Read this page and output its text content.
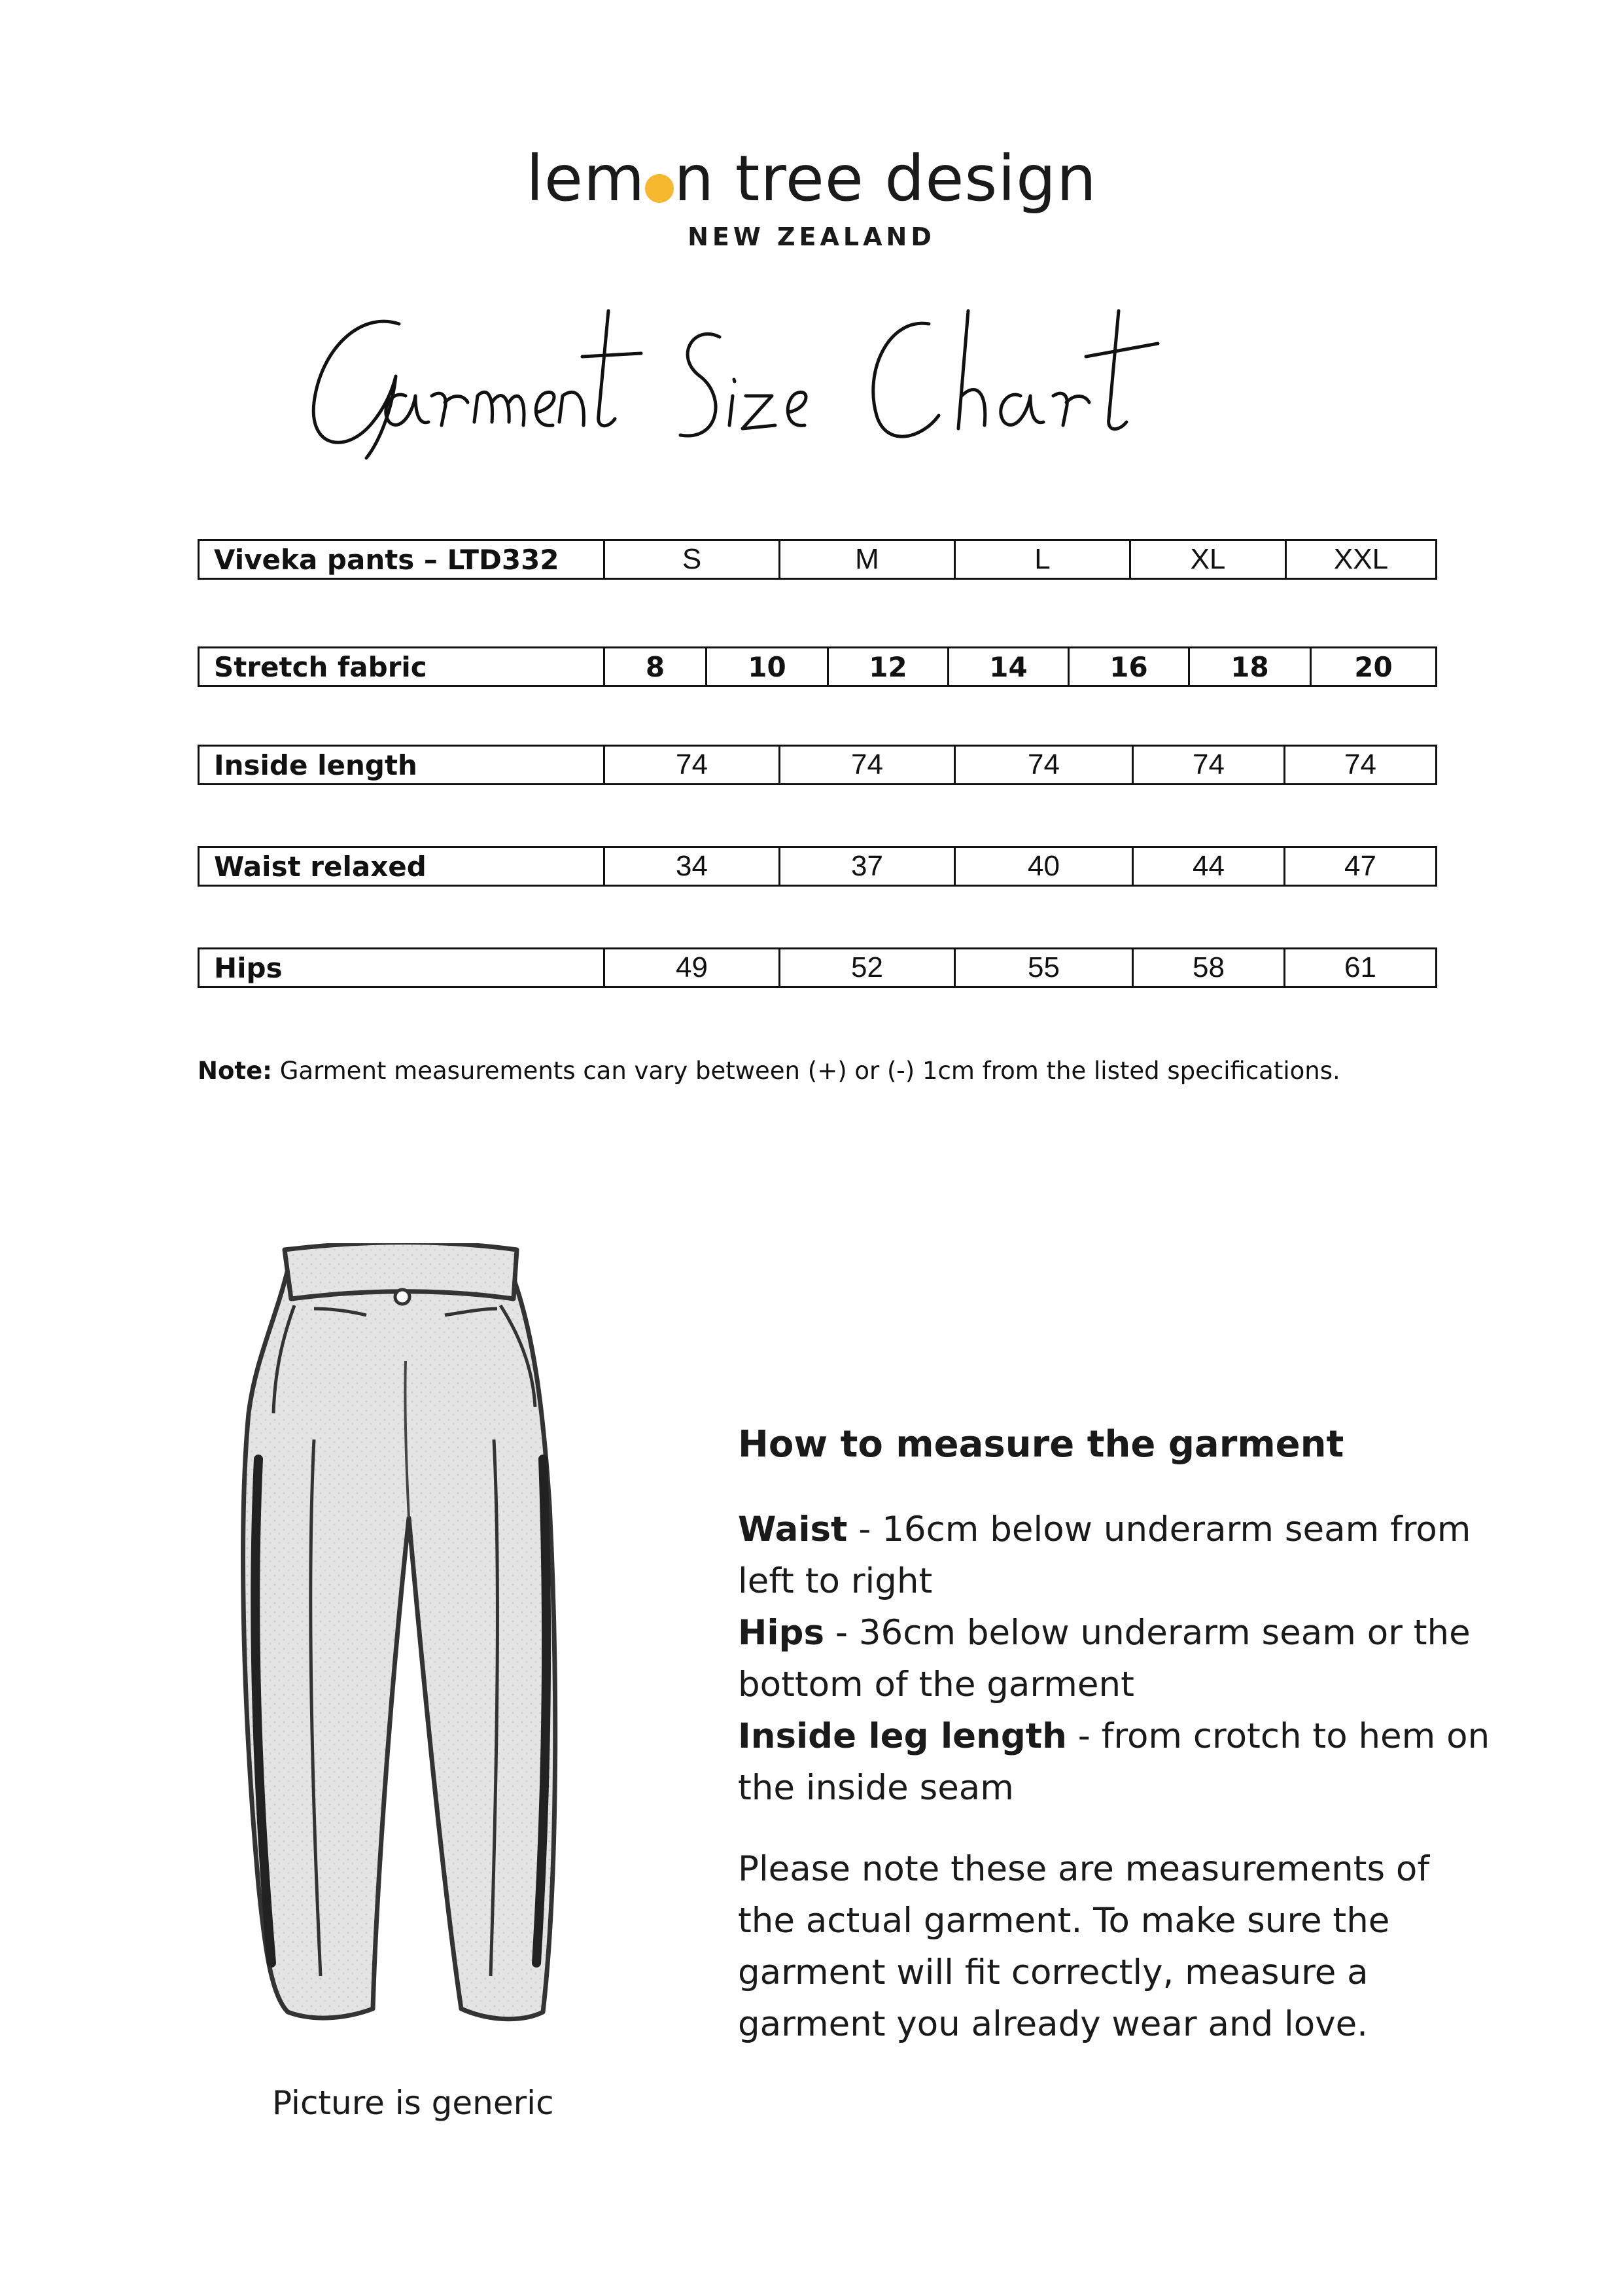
lem n tree design
NEW ZEALAND
Viveka pants – LTD332	S	M	L	XL	XXL
Stretch fabric	8	10	12	14	16	18	20
Inside length	74	74	74	74	74
Waist relaxed	34	37	40	44	47
Hips	49	52	55	58	61
Note: Garment measurements can vary between (+) or (-) 1cm from the listed specifications.
Picture is generic
How to measure the garment

Waist - 16cm below underarm seam from left to right

Hips - 36cm below underarm seam or the bottom of the garment

Inside leg length - from crotch to hem on the inside seam

Please note these are measurements of the actual garment. To make sure the garment will fit correctly, measure a garment you already wear and love.
